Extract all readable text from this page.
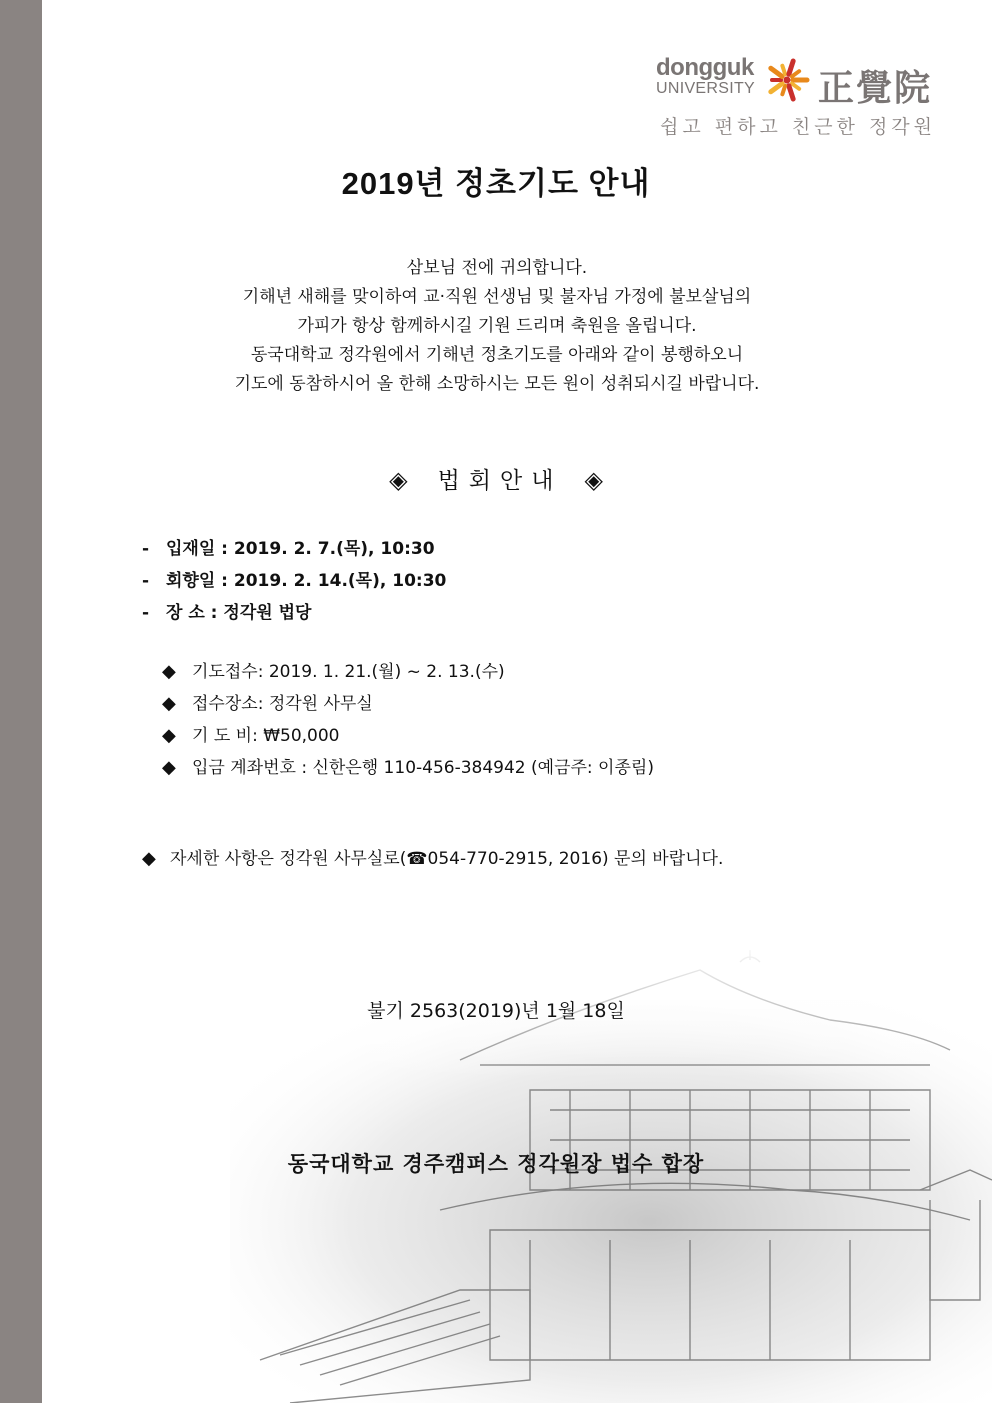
dongguk
UNIVERSITY 正覺院
쉽고 편하고 친근한 정각원
2019년 정초기도 안내
삼보님 전에 귀의합니다.
기해년 새해를 맞이하여 교·직원 선생님 및 불자님 가정에 불보살님의
가피가 항상 함께하시길 기원 드리며 축원을 올립니다.
동국대학교 정각원에서 기해년 정초기도를 아래와 같이 봉행하오니
기도에 동참하시어 올 한해 소망하시는 모든 원이 성취되시길 바랍니다.
◈ 법회안내 ◈
- 입재일 : 2019. 2. 7.(목), 10:30
- 회향일 : 2019. 2. 14.(목), 10:30
- 장 소 : 정각원 법당
◆ 기도접수: 2019. 1. 21.(월) ~ 2. 13.(수)
◆ 접수장소: 정각원 사무실
◆ 기 도 비: ₩50,000
◆ 입금 계좌번호 : 신한은행 110-456-384942 (예금주: 이종림)
◆ 자세한 사항은 정각원 사무실로(☎054-770-2915, 2016) 문의 바랍니다.
불기 2563(2019)년 1월 18일
동국대학교 경주캠퍼스 정각원장 법수 합장
